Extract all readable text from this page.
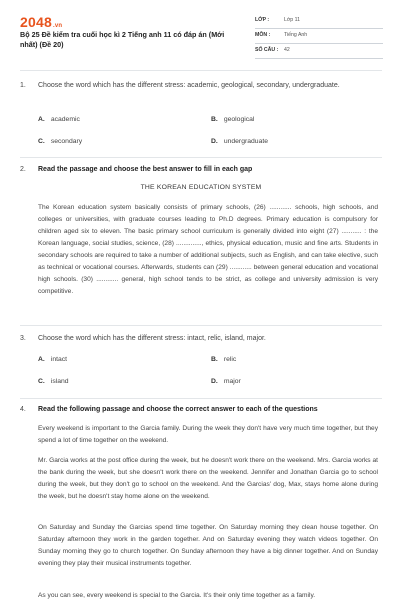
2048.vn
Bộ 25 Đề kiểm tra cuối học kì 2 Tiếng anh 11 có đáp án (Mới nhất) (Đề 20)
LỚP :	Lớp 11
MÔN :	Tiếng Anh
SỐ CÂU : 42
1. Choose the word which has the different stress: academic, geological, secondary, undergraduate.
A. academic	B. geological
C. secondary	D. undergraduate
2. Read the passage and choose the best answer to fill in each gap
THE KOREAN EDUCATION SYSTEM
The Korean education system basically consists of primary schools, (26) ............ schools, high schools, and colleges or universities, with graduate courses leading to Ph.D degrees. Primary education is compulsory for children aged six to eleven. The basic primary school curriculum is generally divided into eight (27) ........... : the Korean language, social studies, science, (28) .............., ethics, physical education, music and fine arts. Students in secondary schools are required to take a number of additional subjects, such as English, and can take elective, such as technical or vocational courses. Afterwards, students can (29) ............ between general education and vocational high schools. (30) ............ general, high school tends to be strict, as college and university admission is very competitive.
3. Choose the word which has the different stress: intact, relic, island, major.
A. intact	B. relic
C. island	D. major
4. Read the following passage and choose the correct answer to each of the questions
Every weekend is important to the Garcia family. During the week they don't have very much time together, but they spend a lot of time together on the weekend.
Mr. Garcia works at the post office during the week, but he doesn't work there on the weekend. Mrs. Garcia works at the bank during the week, but she doesn't work there on the weekend. Jennifer and Jonathan Garcia go to school during the week, but they don't go to school on the weekend. And the Garcias' dog, Max, stays home alone during the week, but he doesn't stay home alone on the weekend.
On Saturday and Sunday the Garcias spend time together. On Saturday morning they clean house together. On Saturday afternoon they work in the garden together. And on Saturday evening they watch videos together. On Sunday morning they go to church together. On Sunday afternoon they have a big dinner together. And on Sunday evening they play their musical instruments together.
As you can see, every weekend is special to the Garcia. It's their only time together as a family.
